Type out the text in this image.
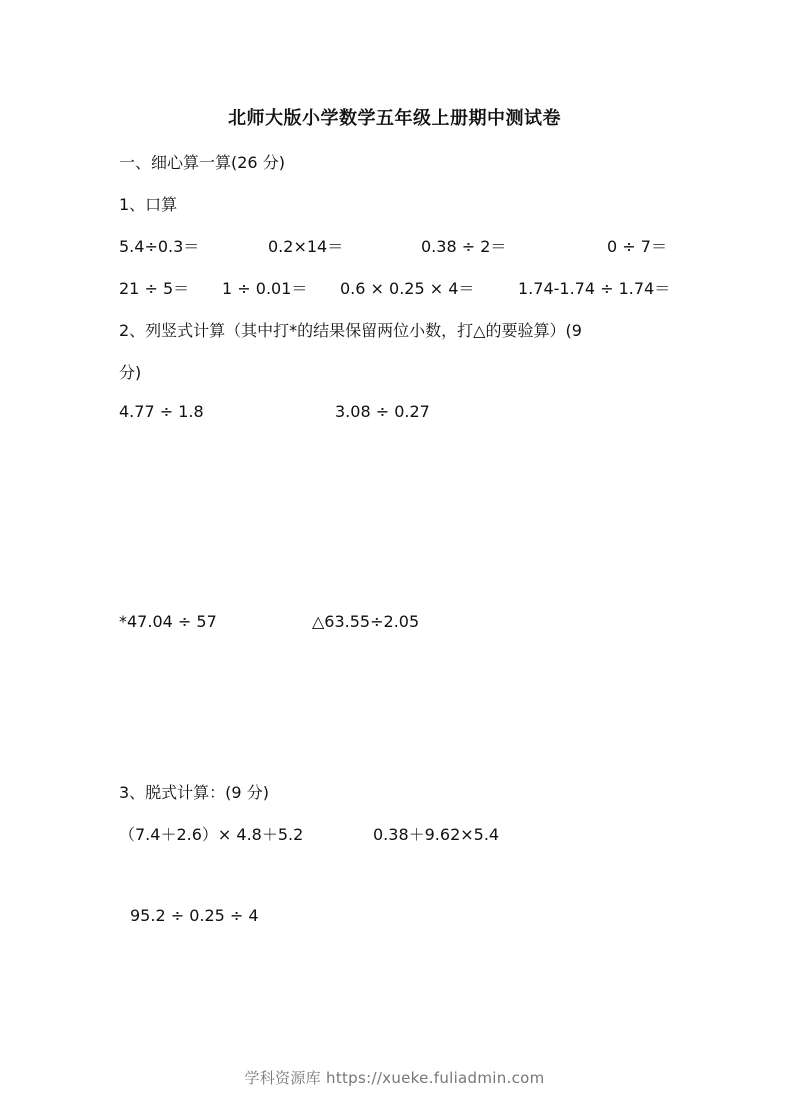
北师大版小学数学五年级上册期中测试卷
一、细心算一算(26 分)
1、口算
5.4÷0.3＝	0.2×14＝	0.38 ÷ 2＝	0 ÷ 7＝
21 ÷ 5＝ 1 ÷ 0.01＝ 0.6 × 0.25 × 4＝	1.74-1.74 ÷ 1.74＝
2、列竖式计算（其中打*的结果保留两位小数，打△的要验算）(9
分)
4.77 ÷ 1.8	3.08 ÷ 0.27
*47.04 ÷ 57	△63.55÷2.05
3、脱式计算：(9 分)
（7.4＋2.6）× 4.8＋5.2	0.38＋9.62×5.4
95.2 ÷ 0.25 ÷ 4
学科资源库 https://xueke.fuliadmin.com
